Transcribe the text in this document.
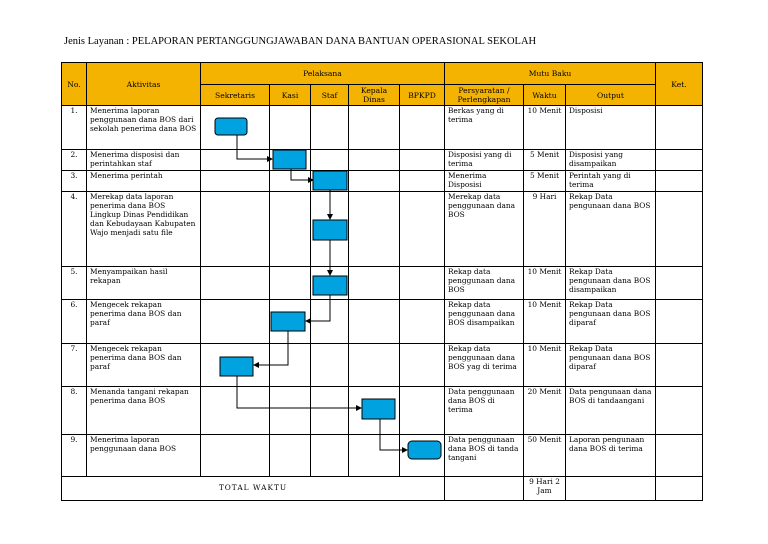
Jenis Layanan : PELAPORAN PERTANGGUNGJAWABAN DANA BANTUAN OPERASIONAL SEKOLAH
No.	Aktivitas	Pelaksana					Mutu Baku			Ket.
		Sekretaris	Kasi	Staf	Kepala Dinas	BPKPD	Persyaratan / Perlengkapan	Waktu	Output	
1.	Menerima laporan penggunaan dana BOS dari sekolah penerima dana BOS						Berkas yang di terima	10 Menit	Disposisi	
2.	Menerima disposisi dan perintahkan staf						Disposisi yang di terima	5 Menit	Disposisi yang disampaikan	
3.	Menerima perintah						Menerima Disposisi	5 Menit	Perintah yang di terima	
4.	Merekap data laporan penerima dana BOS Lingkup Dinas Pendidikan dan Kebudayaan Kabupaten Wajo menjadi satu file						Merekap data penggunaan dana BOS	9 Hari	Rekap Data pengunaan dana BOS	
5.	Menyampaikan hasil rekapan						Rekap data penggunaan dana BOS	10 Menit	Rekap Data pengunaan dana BOS disampaikan	
6.	Mengecek rekapan penerima dana BOS dan paraf						Rekap data penggunaan dana BOS disampaikan	10 Menit	Rekap Data pengunaan dana BOS diparaf	
7.	Mengecek rekapan penerima dana BOS dan paraf						Rekap data penggunaan dana BOS yag di terima	10 Menit	Rekap Data pengunaan dana BOS diparaf	
8.	Menanda tangani rekapan penerima dana BOS						Data penggunaan dana BOS di terima	20 Menit	Data pengunaan dana BOS di tandaangani	
9.	Menerima laporan penggunaan dana BOS						Data penggunaan dana BOS di tanda tangani	50 Menit	Laporan pengunaan dana BOS di terima	
TOTAL WAKTU								9 Hari 2 Jam		
